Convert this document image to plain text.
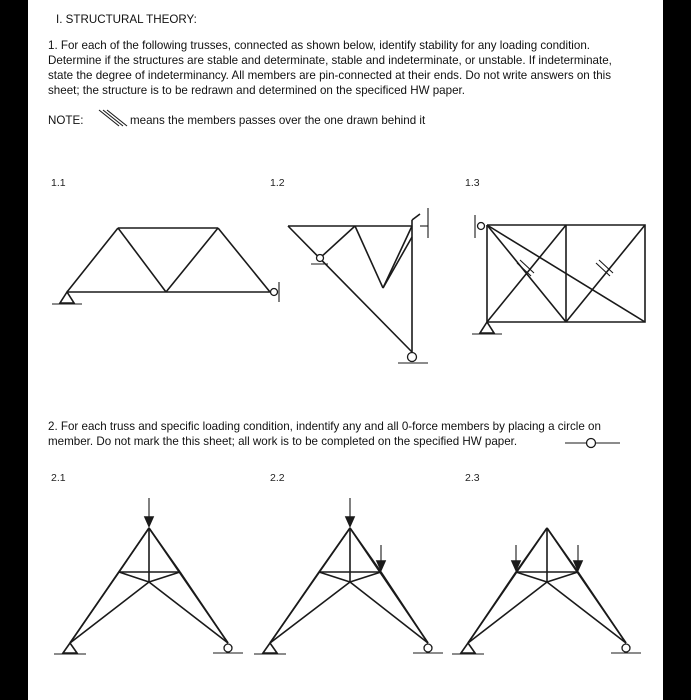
I. STRUCTURAL THEORY:
1. For each of the following trusses, connected as shown below, identify stability for any loading condition.
Determine if the structures are stable and determinate, stable and indeterminate, or unstable. If indeterminate,
state the degree of indeterminancy. All members are pin-connected at their ends. Do not write answers on this
sheet; the structure is to be redrawn and determined on the specificed HW paper.
NOTE:	means the members passes over the one drawn behind it
1.1	1.2	1.3
2. For each truss and specific loading condition, indentify any and all 0-force members by placing a circle on
member. Do not mark the this sheet; all work is to be completed on the specified HW paper.
2.1	2.2	2.3
